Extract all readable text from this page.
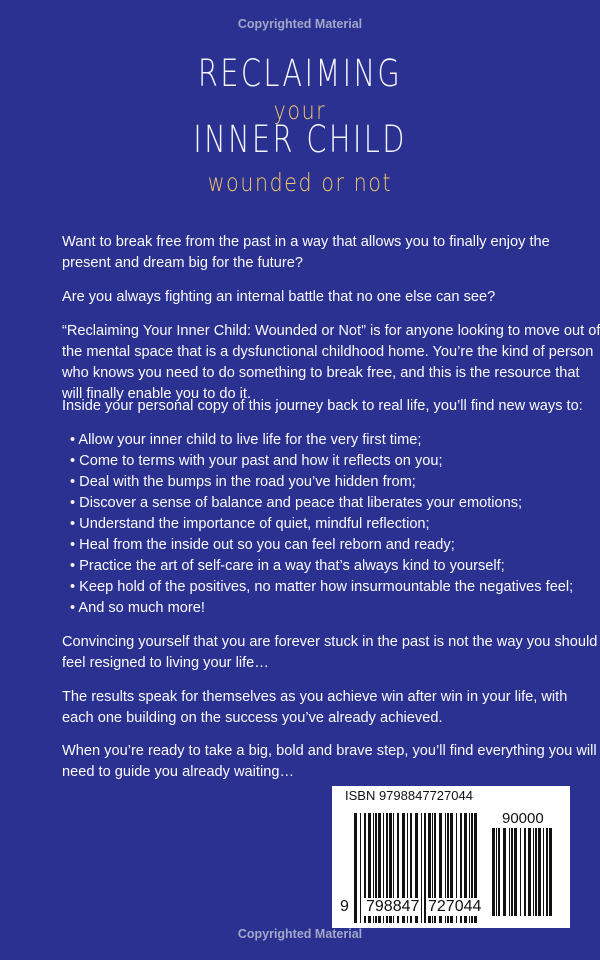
Copyrighted Material
RECLAIMING
your
INNER CHILD
wounded or not
Want to break free from the past in a way that allows you to finally enjoy the present and dream big for the future?
Are you always fighting an internal battle that no one else can see?
“Reclaiming Your Inner Child: Wounded or Not” is for anyone looking to move out of the mental space that is a dysfunctional childhood home. You’re the kind of person who knows you need to do something to break free, and this is the resource that will finally enable you to do it.
Inside your personal copy of this journey back to real life, you’ll find new ways to:
• Allow your inner child to live life for the very first time;
• Come to terms with your past and how it reflects on you;
• Deal with the bumps in the road you’ve hidden from;
• Discover a sense of balance and peace that liberates your emotions;
• Understand the importance of quiet, mindful reflection;
• Heal from the inside out so you can feel reborn and ready;
• Practice the art of self-care in a way that’s always kind to yourself;
• Keep hold of the positives, no matter how insurmountable the negatives feel;
• And so much more!
Convincing yourself that you are forever stuck in the past is not the way you should feel resigned to living your life…
The results speak for themselves as you achieve win after win in your life, with each one building on the success you’ve already achieved.
When you’re ready to take a big, bold and brave step, you’ll find everything you will need to guide you already waiting…
ISBN 9798847727044
90000
9 798847 727044
Copyrighted Material
